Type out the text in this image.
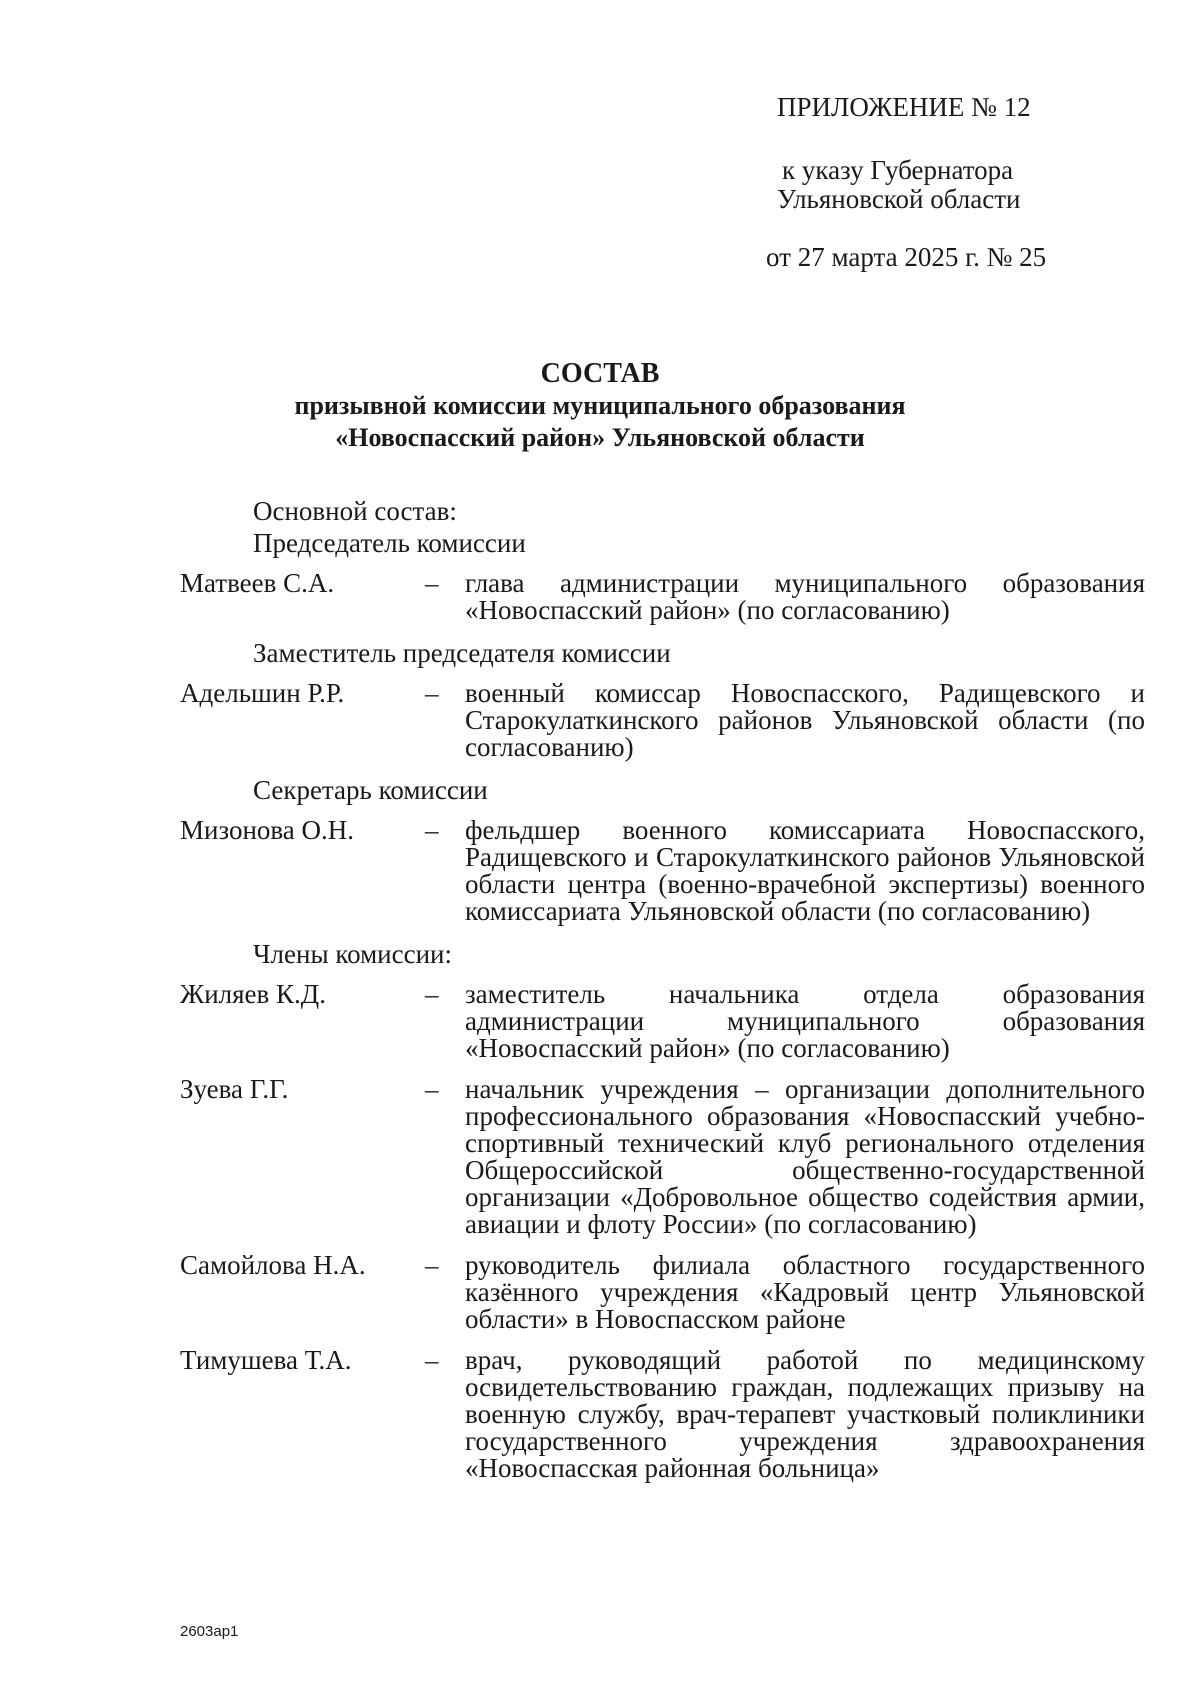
ПРИЛОЖЕНИЕ № 12
к указу Губернатора
Ульяновской области
от 27 марта 2025 г. № 25
СОСТАВ
призывной комиссии муниципального образования
«Новоспасский район» Ульяновской области
Основной состав:
Председатель комиссии
Матвеев С.А.	– глава администрации муниципального образования «Новоспасский район» (по согласованию)
Заместитель председателя комиссии
Адельшин Р.Р.	– военный комиссар Новоспасского, Радищевского и Старокулаткинского районов Ульяновской области (по согласованию)
Секретарь комиссии
Мизонова О.Н.	– фельдшер военного комиссариата Новоспасского, Радищевского и Старокулаткинского районов Ульяновской области центра (военно-врачебной экспертизы) военного комиссариата Ульяновской области (по согласованию)
Члены комиссии:
Жиляев К.Д.	– заместитель начальника отдела образования администрации муниципального образования «Новоспасский район» (по согласованию)
Зуева Г.Г.	– начальник учреждения – организации дополнительного профессионального образования «Новоспасский учебно-спортивный технический клуб регионального отделения Общероссийской общественно-государственной организации «Добровольное общество содействия армии, авиации и флоту России» (по согласованию)
Самойлова Н.А.	– руководитель филиала областного государственного казённого учреждения «Кадровый центр Ульяновской области» в Новоспасском районе
Тимушева Т.А.	– врач, руководящий работой по медицинскому освидетельствованию граждан, подлежащих призыву на военную службу, врач-терапевт участковый поликлиники государственного учреждения здравоохранения «Новоспасская районная больница»
2603ap1
